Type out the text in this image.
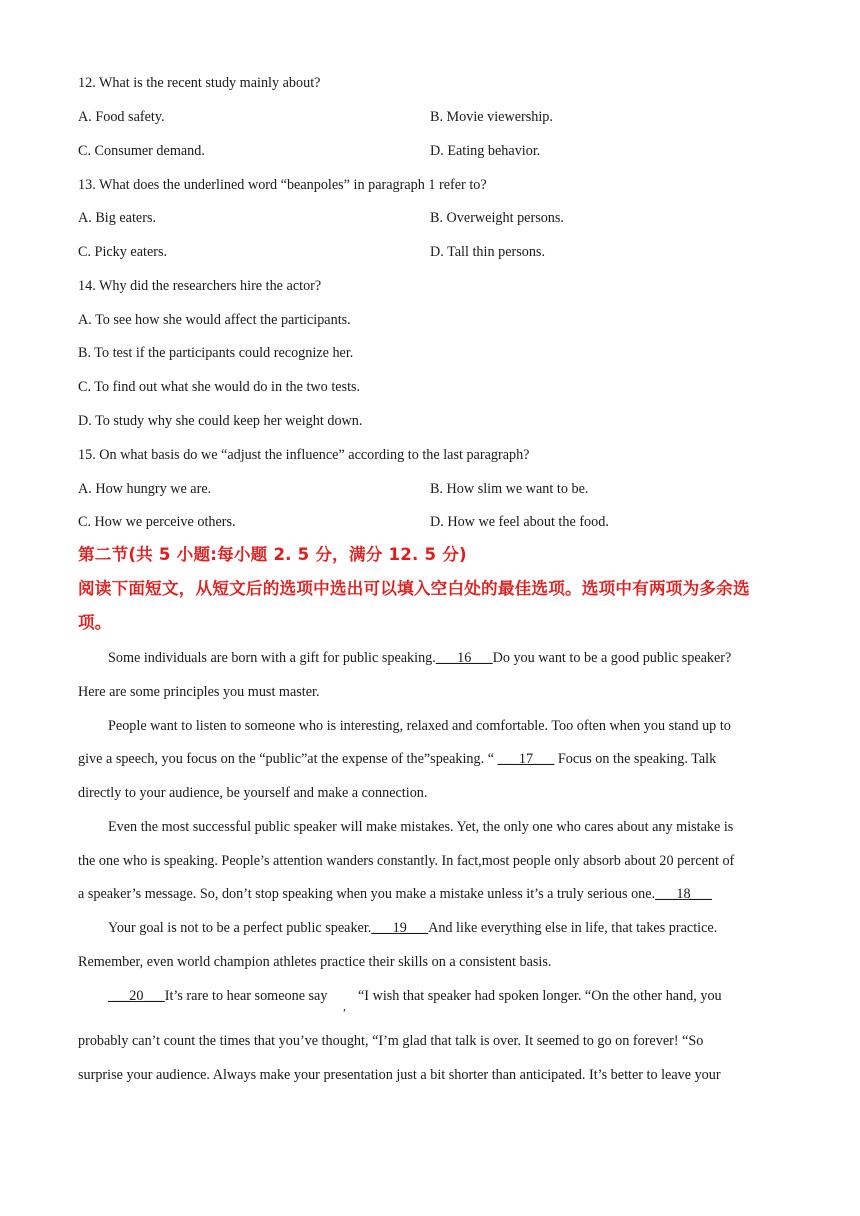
12. What is the recent study mainly about?
A. Food safety.	B. Movie viewership.
C. Consumer demand.	D. Eating behavior.
13. What does the underlined word “beanpoles” in paragraph 1 refer to?
A. Big eaters.	B. Overweight persons.
C. Picky eaters.	D. Tall thin persons.
14. Why did the researchers hire the actor?
A. To see how she would affect the participants.
B. To test if the participants could recognize her.
C. To find out what she would do in the two tests.
D. To study why she could keep her weight down.
15. On what basis do we “adjust the influence” according to the last paragraph?
A. How hungry we are.	B. How slim we want to be.
C. How we perceive others.	D. How we feel about the food.
第二节(共 5 小题:每小题 2. 5 分，满分 12. 5 分)
阅读下面短文，从短文后的选项中选出可以填入空白处的最佳选项。选项中有两项为多余选
项。
Some individuals are born with a gift for public speaking.___16___Do you want to be a good public speaker?
Here are some principles you must master.
People want to listen to someone who is interesting, relaxed and comfortable. Too often when you stand up to
give a speech, you focus on the “public”at the expense of the”speaking. “ ___17___ Focus on the speaking. Talk
directly to your audience, be yourself and make a connection.
Even the most successful public speaker will make mistakes. Yet, the only one who cares about any mistake is
the one who is speaking. People’s attention wanders constantly. In fact,most people only absorb about 20 percent of
a speaker’s message. So, don’t stop speaking when you make a mistake unless it’s a truly serious one.___18___
Your goal is not to be a perfect public speaker.___19___And like everything else in life, that takes practice.
Remember, even world champion athletes practice their skills on a consistent basis.
___20___It’s rare to hear someone say
,
“I wish that speaker had spoken longer. “On the other hand, you
probably can’t count the times that you’ve thought, “I’m glad that talk is over. It seemed to go on forever! “So
surprise your audience. Always make your presentation just a bit shorter than anticipated. It’s better to leave your
